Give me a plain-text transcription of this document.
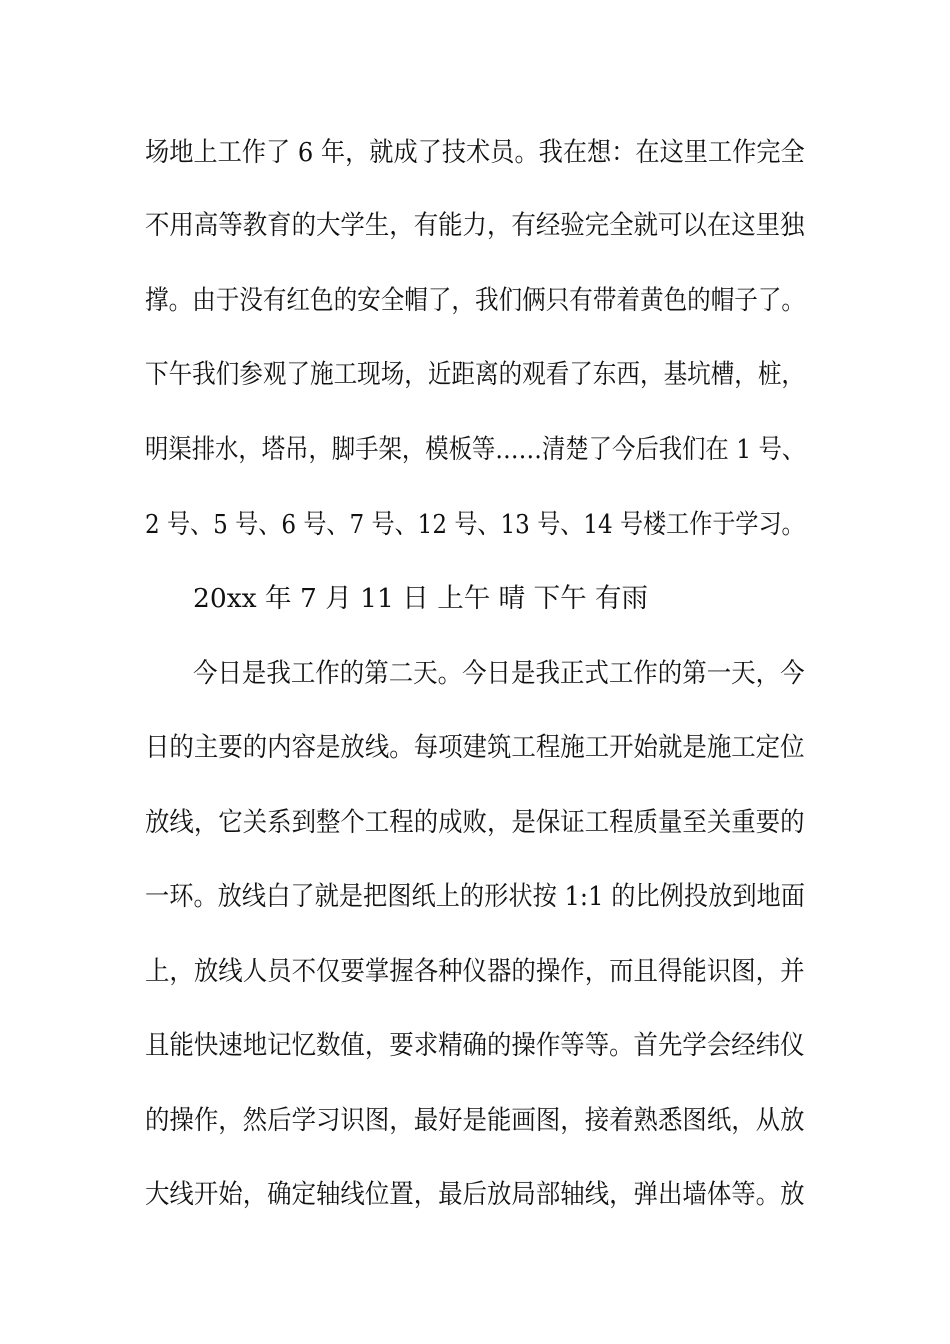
场地上工作了 6 年，就成了技术员。我在想：在这里工作完全
不用高等教育的大学生，有能力，有经验完全就可以在这里独
撑。由于没有红色的安全帽了，我们俩只有带着黄色的帽子了。
下午我们参观了施工现场，近距离的观看了东西，基坑槽，桩，
明渠排水，塔吊，脚手架，模板等……清楚了今后我们在 1 号、
2 号、5 号、6 号、7 号、12 号、13 号、14 号楼工作于学习。
20xx 年 7 月 11 日 上午 晴 下午 有雨
今日是我工作的第二天。今日是我正式工作的第一天，今
日的主要的内容是放线。每项建筑工程施工开始就是施工定位
放线，它关系到整个工程的成败，是保证工程质量至关重要的
一环。放线白了就是把图纸上的形状按 1:1 的比例投放到地面
上，放线人员不仅要掌握各种仪器的操作，而且得能识图，并
且能快速地记忆数值，要求精确的操作等等。首先学会经纬仪
的操作，然后学习识图，最好是能画图，接着熟悉图纸，从放
大线开始，确定轴线位置，最后放局部轴线，弹出墙体等。放
